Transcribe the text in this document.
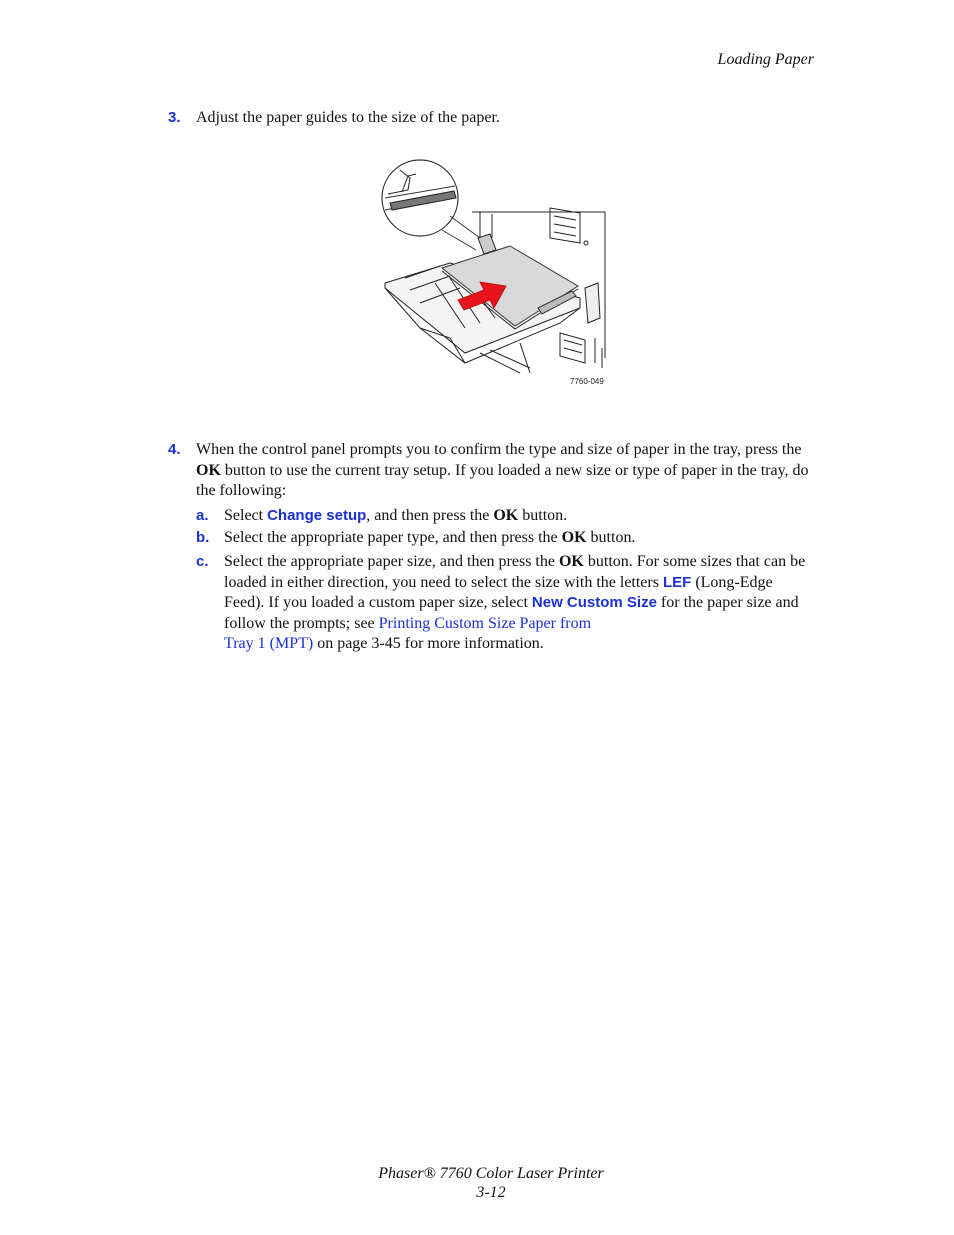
Loading Paper
3. Adjust the paper guides to the size of the paper.
7760-049
4. When the control panel prompts you to confirm the type and size of paper in the tray, press the OK button to use the current tray setup. If you loaded a new size or type of paper in the tray, do the following:
a. Select Change setup, and then press the OK button.
b. Select the appropriate paper type, and then press the OK button.
c. Select the appropriate paper size, and then press the OK button. For some sizes that can be loaded in either direction, you need to select the size with the letters LEF (Long-Edge Feed). If you loaded a custom paper size, select New Custom Size for the paper size and follow the prompts; see Printing Custom Size Paper from
Tray 1 (MPT) on page 3-45 for more information.
Phaser® 7760 Color Laser Printer
3-12
